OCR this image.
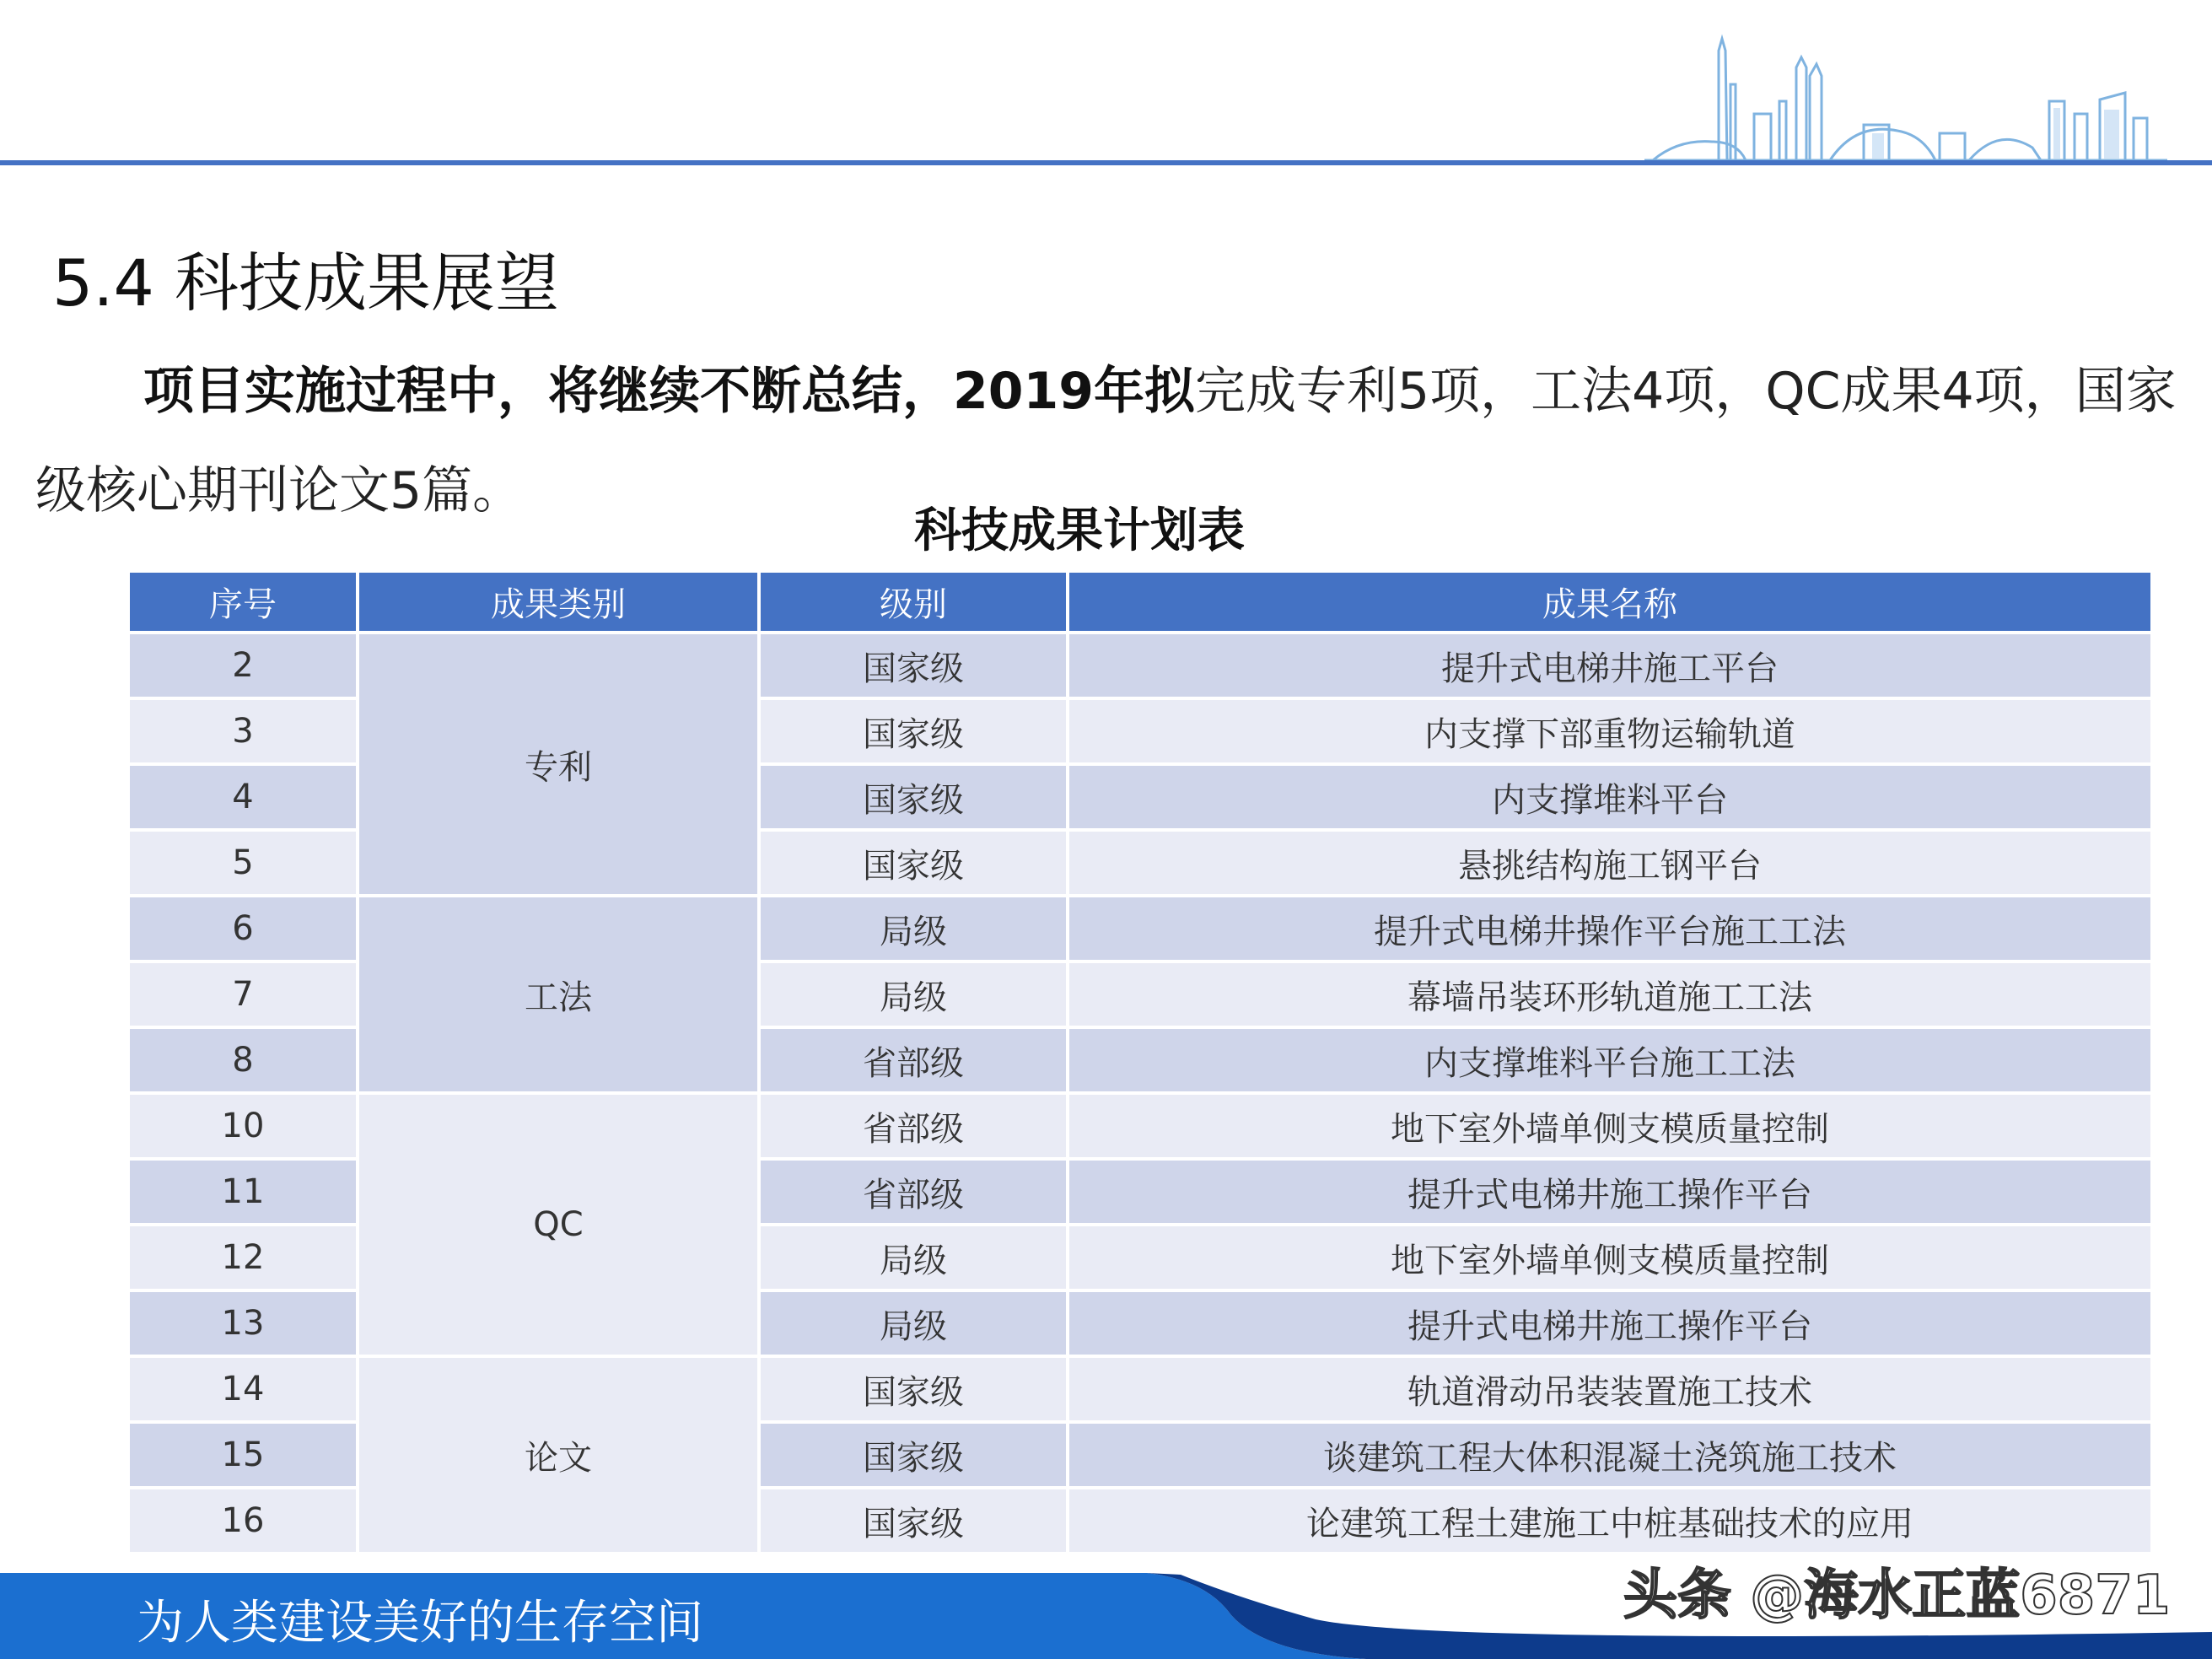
5.4 科技成果展望
项目实施过程中，将继续不断总结，2019年拟完成专利5项，工法4项，QC成果4项，国家级核心期刊论文5篇。
科技成果计划表
序号	成果类别	级别	成果名称
2	专利	国家级	提升式电梯井施工平台
3		国家级	内支撑下部重物运输轨道
4		国家级	内支撑堆料平台
5		国家级	悬挑结构施工钢平台
6	工法	局级	提升式电梯井操作平台施工工法
7		局级	幕墙吊装环形轨道施工工法
8		省部级	内支撑堆料平台施工工法
10	QC	省部级	地下室外墙单侧支模质量控制
11		省部级	提升式电梯井施工操作平台
12		局级	地下室外墙单侧支模质量控制
13		局级	提升式电梯井施工操作平台
14	论文	国家级	轨道滑动吊装装置施工技术
15		国家级	谈建筑工程大体积混凝土浇筑施工技术
16		国家级	论建筑工程土建施工中桩基础技术的应用
为人类建设美好的生存空间	头条 @海水正蓝6871
